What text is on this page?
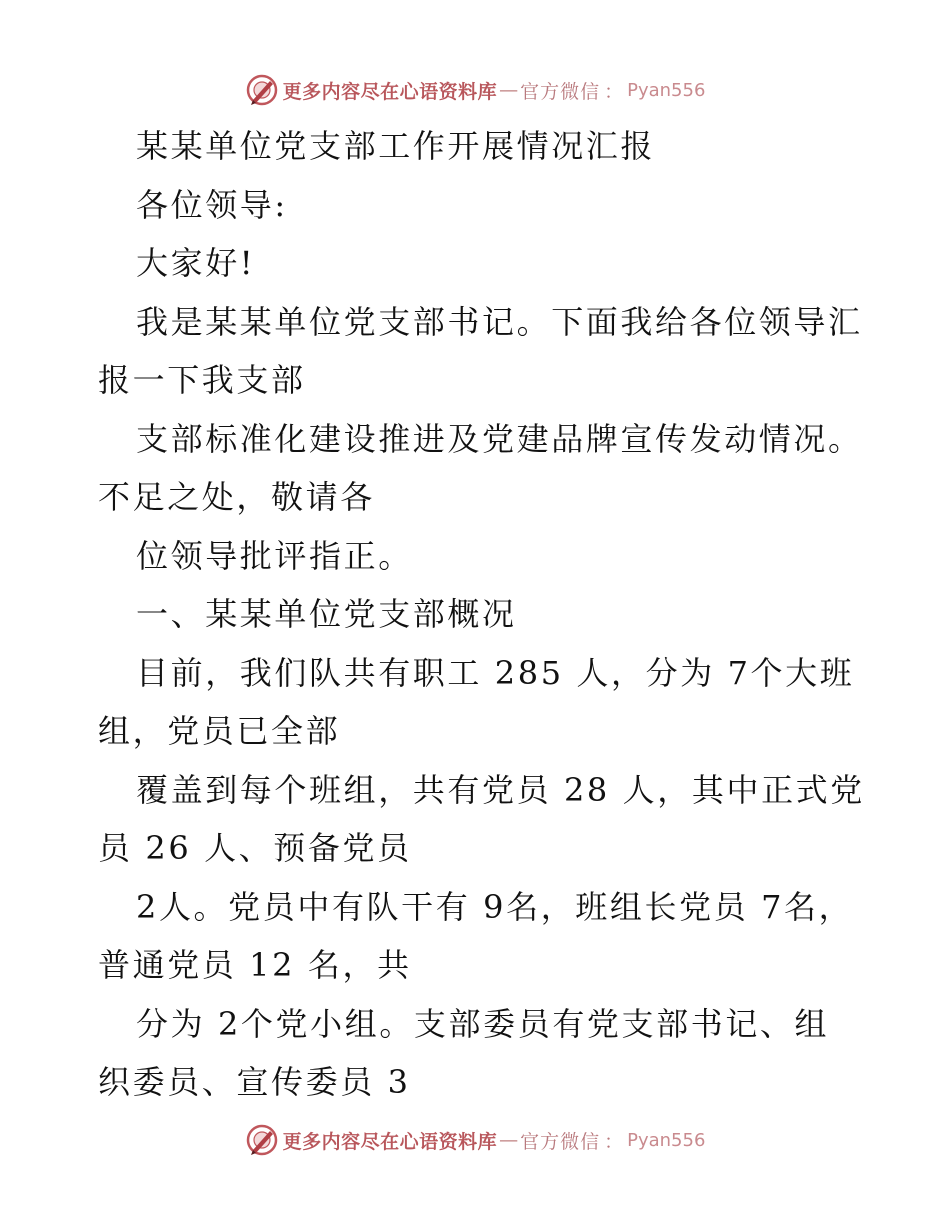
更多内容尽在心语资料库 — 官方微信 ： Pyan556
某某单位党支部工作开展情况汇报
各位领导:
大家好!
我是某某单位党支部书记。下面我给各位领导汇
报一下我支部
支部标准化建设推进及党建品牌宣传发动情况。
不足之处，敬请各
位领导批评指正。
一、某某单位党支部概况
目前，我们队共有职工 285 人，分为 7个大班
组，党员已全部
覆盖到每个班组，共有党员 28 人，其中正式党
员 26 人、预备党员
2人。党员中有队干有 9名，班组长党员 7名，
普通党员 12 名，共
分为 2个党小组。支部委员有党支部书记、组
织委员、宣传委员 3
更多内容尽在心语资料库 — 官方微信 ： Pyan556
